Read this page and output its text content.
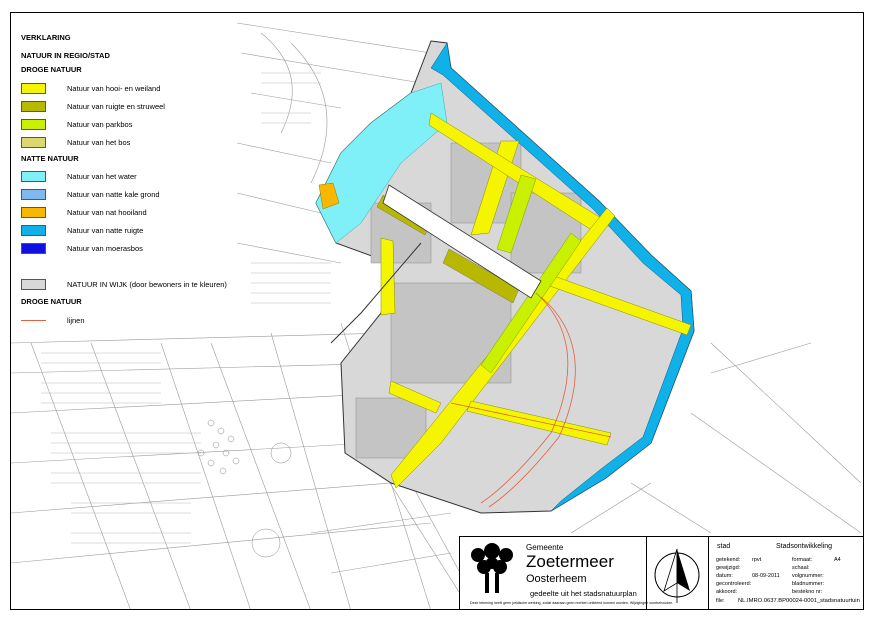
VERKLARING
NATUUR IN REGIO/STAD
DROGE NATUUR
Natuur van hooi- en weiland
Natuur van ruigte en struweel
Natuur van parkbos
Natuur van het bos
NATTE NATUUR
Natuur van het water
Natuur van natte kale grond
Natuur van nat hooiland
Natuur van natte ruigte
Natuur van moerasbos
NATUUR IN WIJK (door bewoners in te kleuren)
DROGE NATUUR
lijnen
Gemeente
Zoetermeer
Oosterheem
gedeelte uit het stadsnatuurplan
Deze tekening heeft geen juridische werking, zodat daaraan geen rechten ontleend kunnen worden. Wijzigingen voorbehouden.
stad	Stadsontwikkeling
getekend: rpvt	formaat:	A4
gewijzigd:	schaal:
datum:	08-09-2011 volgnummer:
gecontroleerd:	bladnummer:
akkoord:	bestekno nr:
file: NL.IMRO.0637.BP00024-0001_stadsnatuurtuin
